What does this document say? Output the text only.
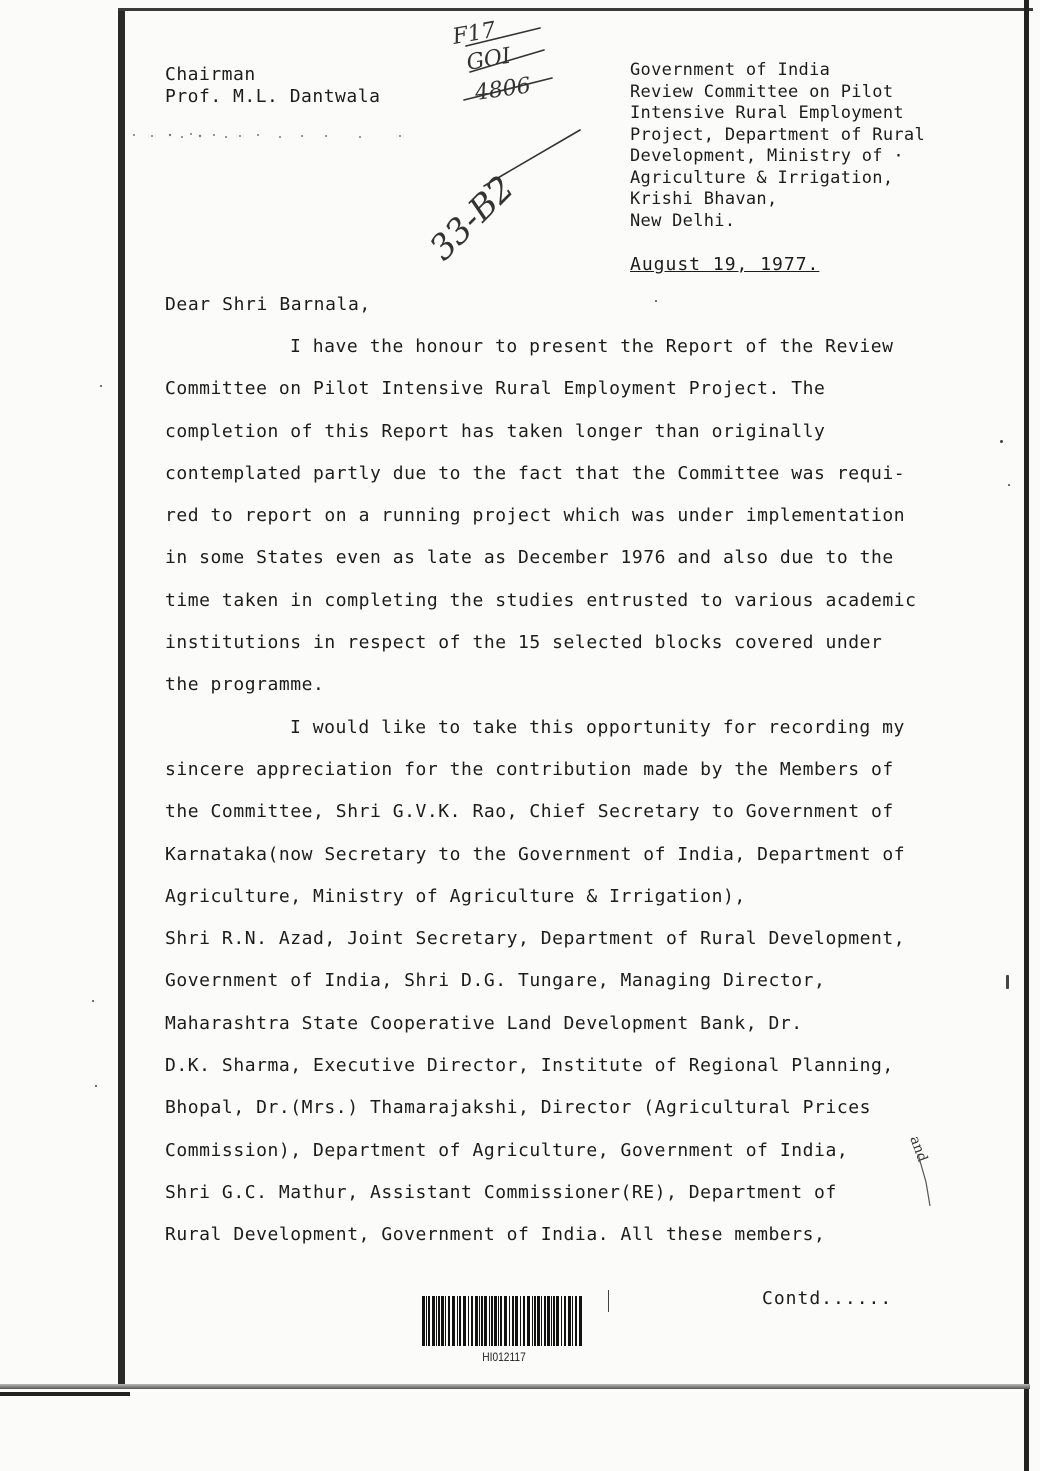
Chairman
Prof. M.L. Dantwala
F17
GOI
4806
33-B2
Government of India
Review Committee on Pilot
Intensive Rural Employment
Project, Department of Rural
Development, Ministry of ·
Agriculture & Irrigation,
Krishi Bhavan,
New Delhi.
August 19, 1977.
Dear Shri Barnala,
I have the honour to present the Report of the Review
Committee on Pilot Intensive Rural Employment Project. The
completion of this Report has taken longer than originally
contemplated partly due to the fact that the Committee was requi-
red to report on a running project which was under implementation
in some States even as late as December 1976 and also due to the
time taken in completing the studies entrusted to various academic
institutions in respect of the 15 selected blocks covered under
the programme.
I would like to take this opportunity for recording my
sincere appreciation for the contribution made by the Members of
the Committee, Shri G.V.K. Rao, Chief Secretary to Government of
Karnataka(now Secretary to the Government of India, Department of
Agriculture, Ministry of Agriculture & Irrigation),
Shri R.N. Azad, Joint Secretary, Department of Rural Development,
Government of India, Shri D.G. Tungare, Managing Director,
Maharashtra State Cooperative Land Development Bank, Dr.
D.K. Sharma, Executive Director, Institute of Regional Planning,
Bhopal, Dr.(Mrs.) Thamarajakshi, Director (Agricultural Prices
Commission), Department of Agriculture, Government of India,
Shri G.C. Mathur, Assistant Commissioner(RE), Department of
Rural Development, Government of India. All these members,
and
Contd......
HI012117
